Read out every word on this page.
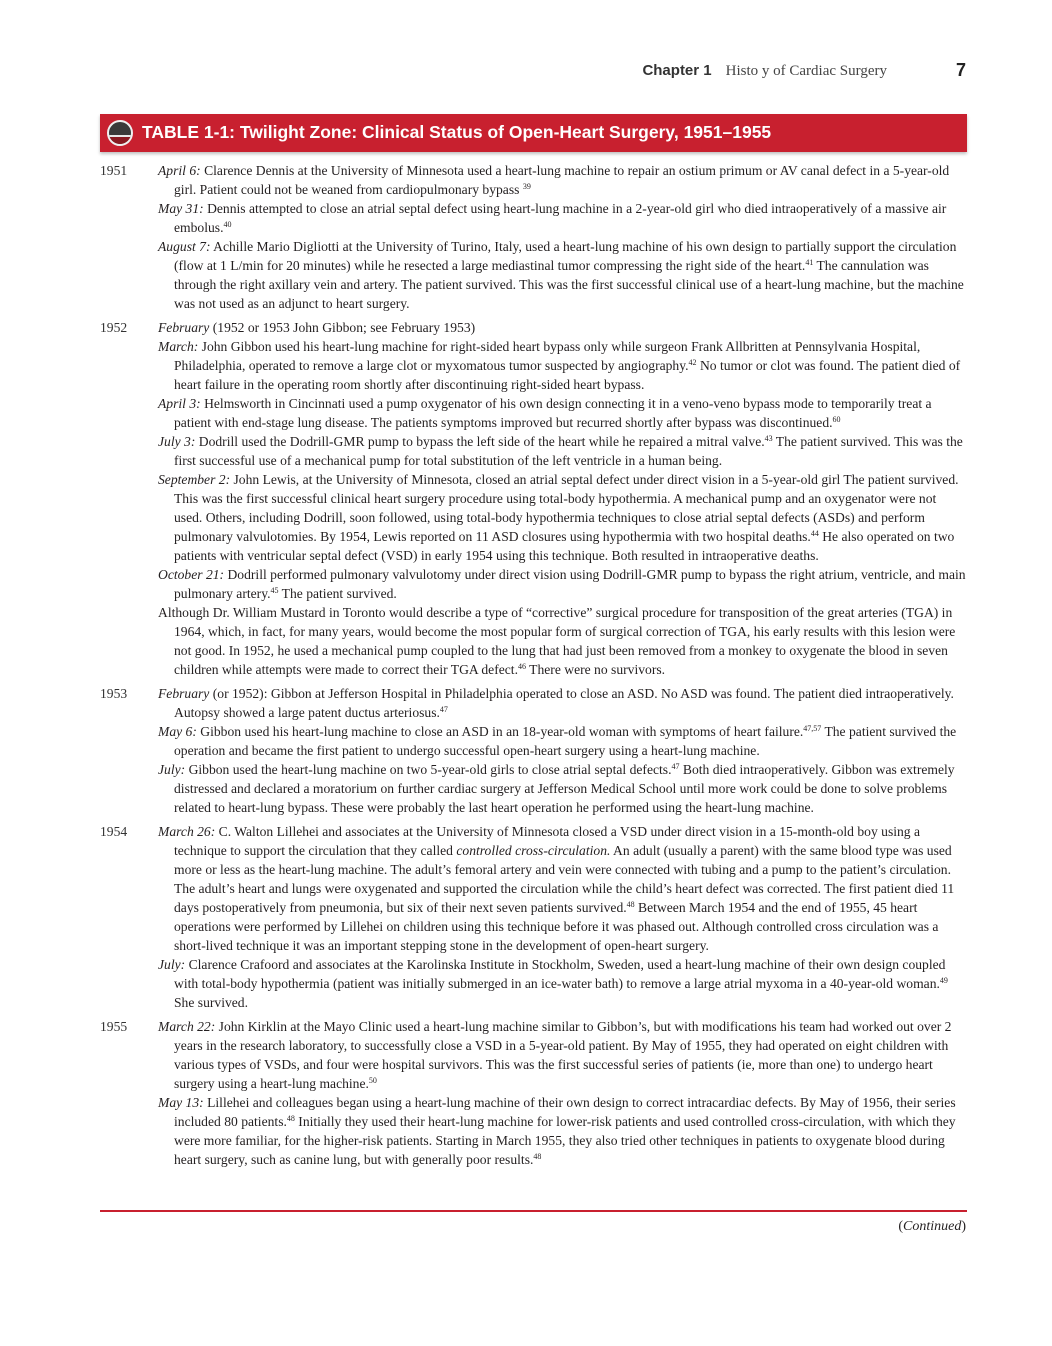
Chapter 1 Histo y of Cardiac Surgery	7
TABLE 1-1: Twilight Zone: Clinical Status of Open-Heart Surgery, 1951–1955
1951	April 6: Clarence Dennis at the University of Minnesota used a heart-lung machine to repair an ostium primum or AV canal defect in a 5-year-old girl. Patient could not be weaned from cardiopulmonary bypass $^{39}$

May 31: Dennis attempted to close an atrial septal defect using heart-lung machine in a 2-year-old girl who died intraoperatively of a massive air embolus.$^{40}$

August 7: Achille Mario Digliotti at the University of Turino, Italy, used a heart-lung machine of his own design to partially support the circulation (flow at 1 L/min for 20 minutes) while he resected a large mediastinal tumor compressing the right side of the heart.$^{41}$ The cannulation was through the right axillary vein and artery. The patient survived. This was the first successful clinical use of a heart-lung machine, but the machine was not used as an adjunct to heart surgery.

1952	February (1952 or 1953 John Gibbon; see February 1953)

March: John Gibbon used his heart-lung machine for right-sided heart bypass only while surgeon Frank Allbritten at Pennsylvania Hospital, Philadelphia, operated to remove a large clot or myxomatous tumor suspected by angiography.$^{42}$ No tumor or clot was found. The patient died of heart failure in the operating room shortly after discontinuing right-sided heart bypass.

April 3: Helmsworth in Cincinnati used a pump oxygenator of his own design connecting it in a veno-veno bypass mode to temporarily treat a patient with end-stage lung disease. The patients symptoms improved but recurred shortly after bypass was discontinued.$^{60}$

July 3: Dodrill used the Dodrill-GMR pump to bypass the left side of the heart while he repaired a mitral valve.$^{43}$ The patient survived. This was the first successful use of a mechanical pump for total substitution of the left ventricle in a human being.

September 2: John Lewis, at the University of Minnesota, closed an atrial septal defect under direct vision in a 5-year-old girl The patient survived. This was the first successful clinical heart surgery procedure using total-body hypothermia. A mechanical pump and an oxygenator were not used. Others, including Dodrill, soon followed, using total-body hypothermia techniques to close atrial septal defects (ASDs) and perform pulmonary valvulotomies. By 1954, Lewis reported on 11 ASD closures using hypothermia with two hospital deaths.$^{44}$ He also operated on two patients with ventricular septal defect (VSD) in early 1954 using this technique. Both resulted in intraoperative deaths.

October 21: Dodrill performed pulmonary valvulotomy under direct vision using Dodrill-GMR pump to bypass the right atrium, ventricle, and main pulmonary artery.$^{45}$ The patient survived.

Although Dr. William Mustard in Toronto would describe a type of “corrective” surgical procedure for transposition of the great arteries (TGA) in 1964, which, in fact, for many years, would become the most popular form of surgical correction of TGA, his early results with this lesion were not good. In 1952, he used a mechanical pump coupled to the lung that had just been removed from a monkey to oxygenate the blood in seven children while attempts were made to correct their TGA defect.$^{46}$ There were no survivors.

1953	February (or 1952): Gibbon at Jefferson Hospital in Philadelphia operated to close an ASD. No ASD was found. The patient died intraoperatively. Autopsy showed a large patent ductus arteriosus.$^{47}$

May 6: Gibbon used his heart-lung machine to close an ASD in an 18-year-old woman with symptoms of heart failure.$^{47,57}$ The patient survived the operation and became the first patient to undergo successful open-heart surgery using a heart-lung machine.

July: Gibbon used the heart-lung machine on two 5-year-old girls to close atrial septal defects.$^{47}$ Both died intraoperatively. Gibbon was extremely distressed and declared a moratorium on further cardiac surgery at Jefferson Medical School until more work could be done to solve problems related to heart-lung bypass. These were probably the last heart operation he performed using the heart-lung machine.

1954	March 26: C. Walton Lillehei and associates at the University of Minnesota closed a VSD under direct vision in a 15-month-old boy using a technique to support the circulation that they called controlled cross-circulation. An adult (usually a parent) with the same blood type was used more or less as the heart-lung machine. The adult’s femoral artery and vein were connected with tubing and a pump to the patient’s circulation. The adult’s heart and lungs were oxygenated and supported the circulation while the child’s heart defect was corrected. The first patient died 11 days postoperatively from pneumonia, but six of their next seven patients survived.$^{48}$ Between March 1954 and the end of 1955, 45 heart operations were performed by Lillehei on children using this technique before it was phased out. Although controlled cross circulation was a short-lived technique it was an important stepping stone in the development of open-heart surgery.

July: Clarence Crafoord and associates at the Karolinska Institute in Stockholm, Sweden, used a heart-lung machine of their own design coupled with total-body hypothermia (patient was initially submerged in an ice-water bath) to remove a large atrial myxoma in a 40-year-old woman.$^{49}$ She survived.

1955	March 22: John Kirklin at the Mayo Clinic used a heart-lung machine similar to Gibbon’s, but with modifications his team had worked out over 2 years in the research laboratory, to successfully close a VSD in a 5-year-old patient. By May of 1955, they had operated on eight children with various types of VSDs, and four were hospital survivors. This was the first successful series of patients (ie, more than one) to undergo heart surgery using a heart-lung machine.$^{50}$

May 13: Lillehei and colleagues began using a heart-lung machine of their own design to correct intracardiac defects. By May of 1956, their series included 80 patients.$^{48}$ Initially they used their heart-lung machine for lower-risk patients and used controlled cross-circulation, with which they were more familiar, for the higher-risk patients. Starting in March 1955, they also tried other techniques in patients to oxygenate blood during heart surgery, such as canine lung, but with generally poor results.$^{48}$

(Continued)
